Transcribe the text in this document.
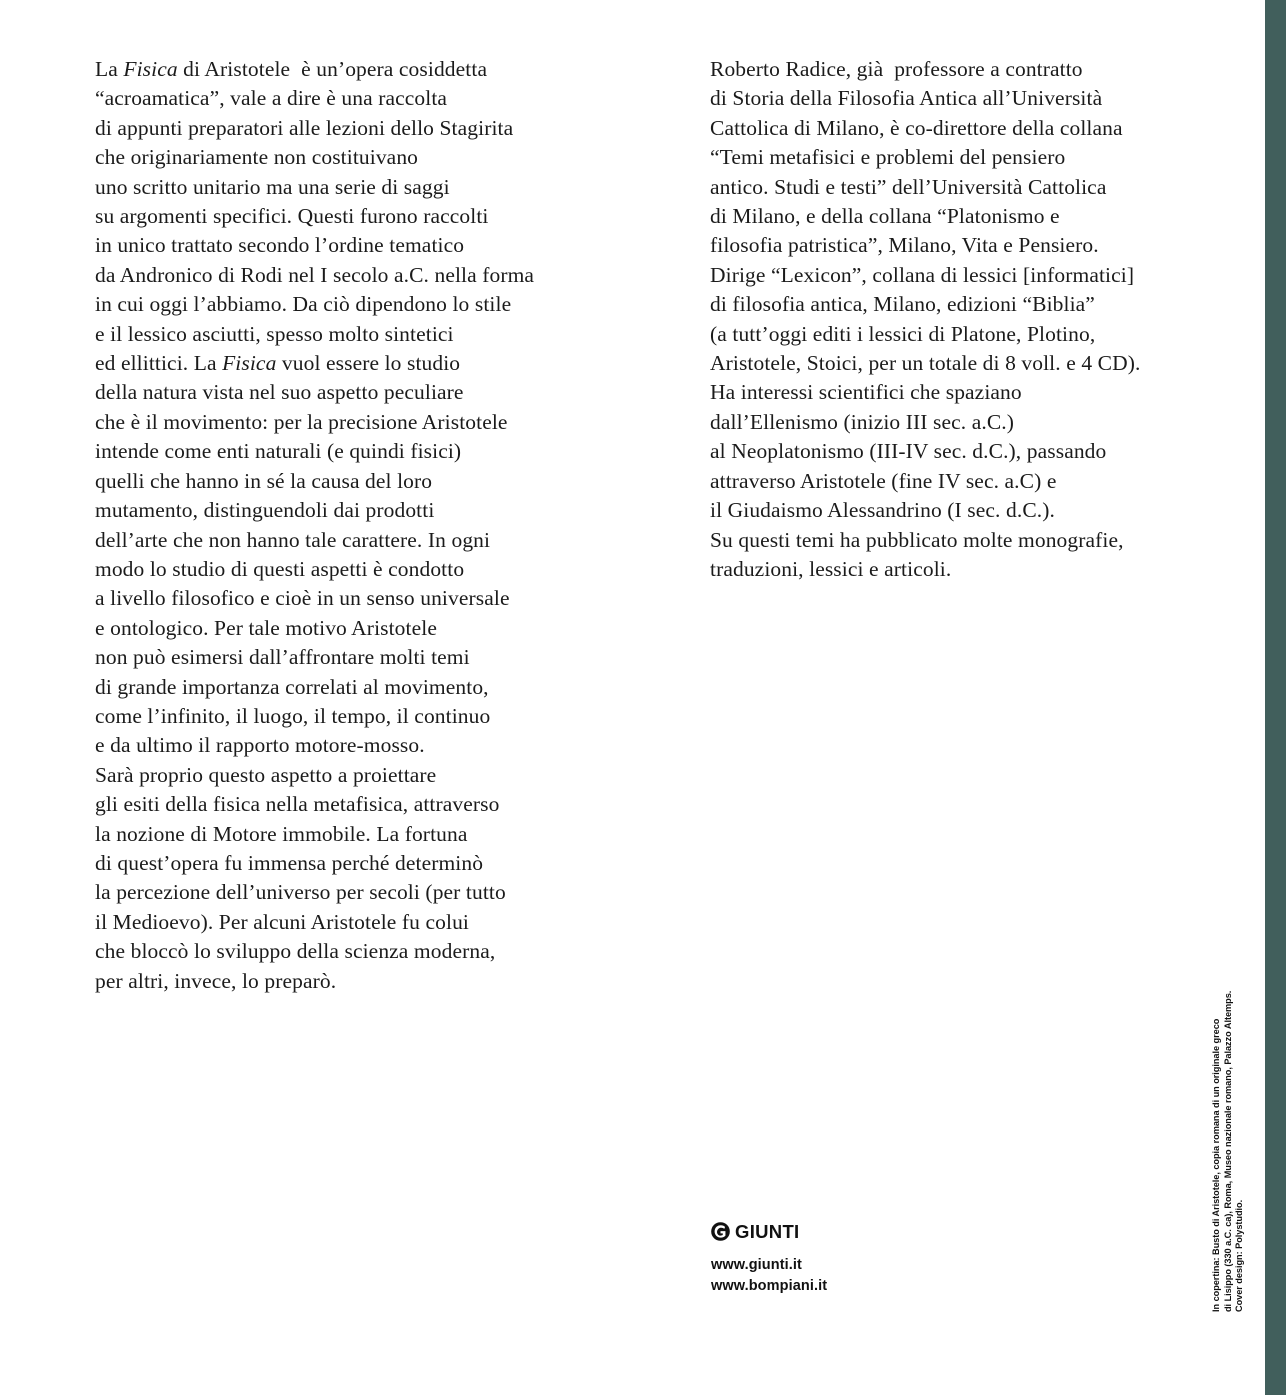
La Fisica di Aristotele  è un’opera cosiddetta
“acroamatica”, vale a dire è una raccolta
di appunti preparatori alle lezioni dello Stagirita
che originariamente non costituivano
uno scritto unitario ma una serie di saggi
su argomenti specifici. Questi furono raccolti
in unico trattato secondo l’ordine tematico
da Andronico di Rodi nel I secolo a.C. nella forma
in cui oggi l’abbiamo. Da ciò dipendono lo stile
e il lessico asciutti, spesso molto sintetici
ed ellittici. La Fisica vuol essere lo studio
della natura vista nel suo aspetto peculiare
che è il movimento: per la precisione Aristotele
intende come enti naturali (e quindi fisici)
quelli che hanno in sé la causa del loro
mutamento, distinguendoli dai prodotti
dell’arte che non hanno tale carattere. In ogni
modo lo studio di questi aspetti è condotto
a livello filosofico e cioè in un senso universale
e ontologico. Per tale motivo Aristotele
non può esimersi dall’affrontare molti temi
di grande importanza correlati al movimento,
come l’infinito, il luogo, il tempo, il continuo
e da ultimo il rapporto motore-mosso.
Sarà proprio questo aspetto a proiettare
gli esiti della fisica nella metafisica, attraverso
la nozione di Motore immobile. La fortuna
di quest’opera fu immensa perché determinò
la percezione dell’universo per secoli (per tutto
il Medioevo). Per alcuni Aristotele fu colui
che bloccò lo sviluppo della scienza moderna,
per altri, invece, lo preparò.
Roberto Radice, già  professore a contratto
di Storia della Filosofia Antica all’Università
Cattolica di Milano, è co-direttore della collana
“Temi metafisici e problemi del pensiero
antico. Studi e testi” dell’Università Cattolica
di Milano, e della collana “Platonismo e
filosofia patristica”, Milano, Vita e Pensiero.
Dirige “Lexicon”, collana di lessici [informatici]
di filosofia antica, Milano, edizioni “Biblia”
(a tutt’oggi editi i lessici di Platone, Plotino,
Aristotele, Stoici, per un totale di 8 voll. e 4 CD).
Ha interessi scientifici che spaziano
dall’Ellenismo (inizio III sec. a.C.)
al Neoplatonismo (III-IV sec. d.C.), passando
attraverso Aristotele (fine IV sec. a.C) e
il Giudaismo Alessandrino (I sec. d.C.).
Su questi temi ha pubblicato molte monografie,
traduzioni, lessici e articoli.
GIUNTI
www.giunti.it
www.bompiani.it	In copertina: Busto di Aristotele, copia romana di un originale greco di Lisippo (330 a.C. ca), Roma, Museo nazionale romano, Palazzo Altemps. Cover design: Polystudio.
